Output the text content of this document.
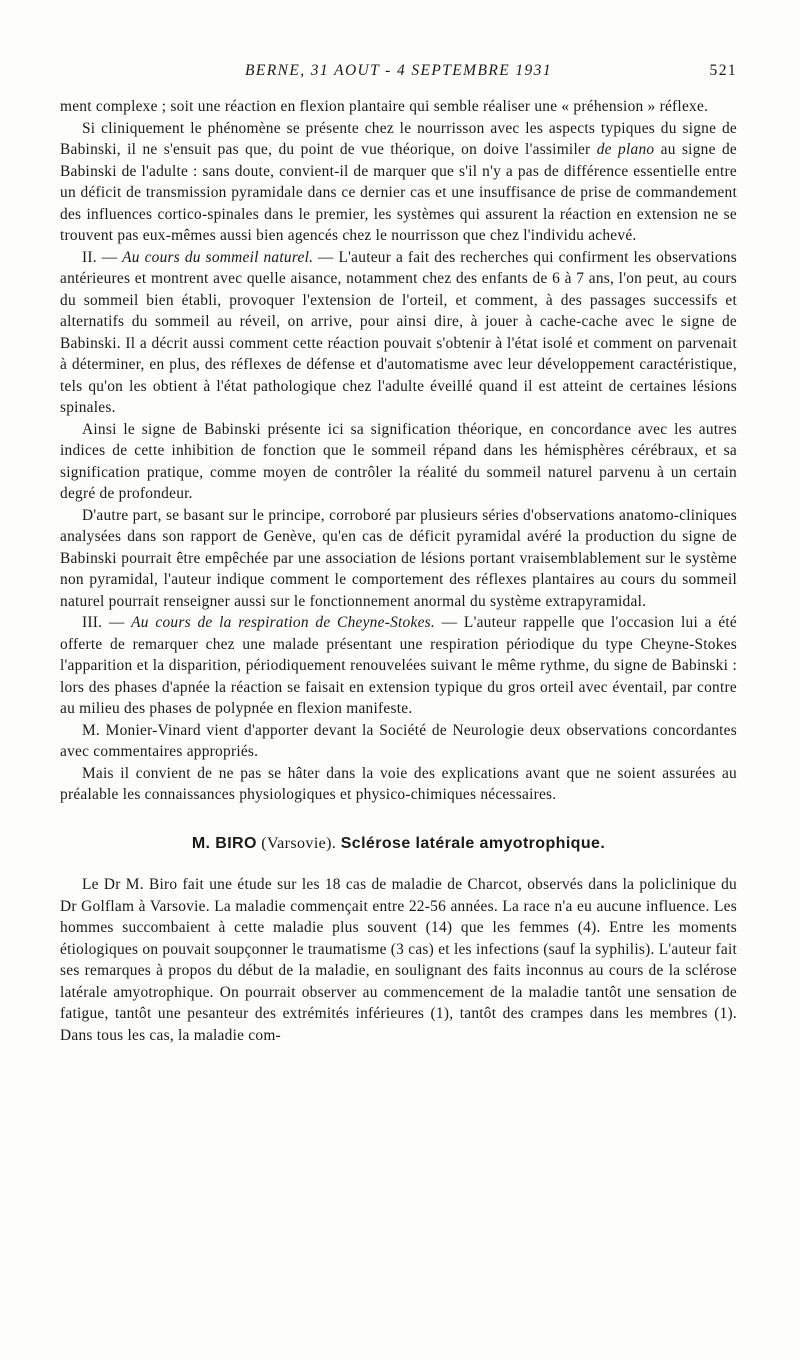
BERNE, 31 AOUT - 4 SEPTEMBRE 1931	521

ment complexe ; soit une réaction en flexion plantaire qui semble réaliser une « préhension » réflexe.

Si cliniquement le phénomène se présente chez le nourrisson avec les aspects typiques du signe de Babinski, il ne s'ensuit pas que, du point de vue théorique, on doive l'assimiler de plano au signe de Babinski de l'adulte : sans doute, convient-il de marquer que s'il n'y a pas de différence essentielle entre un déficit de transmission pyramidale dans ce dernier cas et une insuffisance de prise de commandement des influences cortico-spinales dans le premier, les systèmes qui assurent la réaction en extension ne se trouvent pas eux-mêmes aussi bien agencés chez le nourrisson que chez l'individu achevé.

II. — Au cours du sommeil naturel. — L'auteur a fait des recherches qui confirment les observations antérieures et montrent avec quelle aisance, notamment chez des enfants de 6 à 7 ans, l'on peut, au cours du sommeil bien établi, provoquer l'extension de l'orteil, et comment, à des passages successifs et alternatifs du sommeil au réveil, on arrive, pour ainsi dire, à jouer à cache-cache avec le signe de Babinski. Il a décrit aussi comment cette réaction pouvait s'obtenir à l'état isolé et comment on parvenait à déterminer, en plus, des réflexes de défense et d'automatisme avec leur développement caractéristique, tels qu'on les obtient à l'état pathologique chez l'adulte éveillé quand il est atteint de certaines lésions spinales.

Ainsi le signe de Babinski présente ici sa signification théorique, en concordance avec les autres indices de cette inhibition de fonction que le sommeil répand dans les hémisphères cérébraux, et sa signification pratique, comme moyen de contrôler la réalité du sommeil naturel parvenu à un certain degré de profondeur.

D'autre part, se basant sur le principe, corroboré par plusieurs séries d'observations anatomo-cliniques analysées dans son rapport de Genève, qu'en cas de déficit pyramidal avéré la production du signe de Babinski pourrait être empêchée par une association de lésions portant vraisemblablement sur le système non pyramidal, l'auteur indique comment le comportement des réflexes plantaires au cours du sommeil naturel pourrait renseigner aussi sur le fonctionnement anormal du système extrapyramidal.

III. — Au cours de la respiration de Cheyne-Stokes. — L'auteur rappelle que l'occasion lui a été offerte de remarquer chez une malade présentant une respiration périodique du type Cheyne-Stokes l'apparition et la disparition, périodiquement renouvelées suivant le même rythme, du signe de Babinski : lors des phases d'apnée la réaction se faisait en extension typique du gros orteil avec éventail, par contre au milieu des phases de polypnée en flexion manifeste.

M. Monier-Vinard vient d'apporter devant la Société de Neurologie deux observations concordantes avec commentaires appropriés.

Mais il convient de ne pas se hâter dans la voie des explications avant que ne soient assurées au préalable les connaissances physiologiques et physico-chimiques nécessaires.

M. BIRO (Varsovie). Sclérose latérale amyotrophique.

Le Dr M. Biro fait une étude sur les 18 cas de maladie de Charcot, observés dans la policlinique du Dr Golflam à Varsovie. La maladie commençait entre 22-56 années. La race n'a eu aucune influence. Les hommes succombaient à cette maladie plus souvent (14) que les femmes (4). Entre les moments étiologiques on pouvait soupçonner le traumatisme (3 cas) et les infections (sauf la syphilis). L'auteur fait ses remarques à propos du début de la maladie, en soulignant des faits inconnus au cours de la sclérose latérale amyotrophique. On pourrait observer au commencement de la maladie tantôt une sensation de fatigue, tantôt une pesanteur des extrémités inférieures (1), tantôt des crampes dans les membres (1). Dans tous les cas, la maladie com-
